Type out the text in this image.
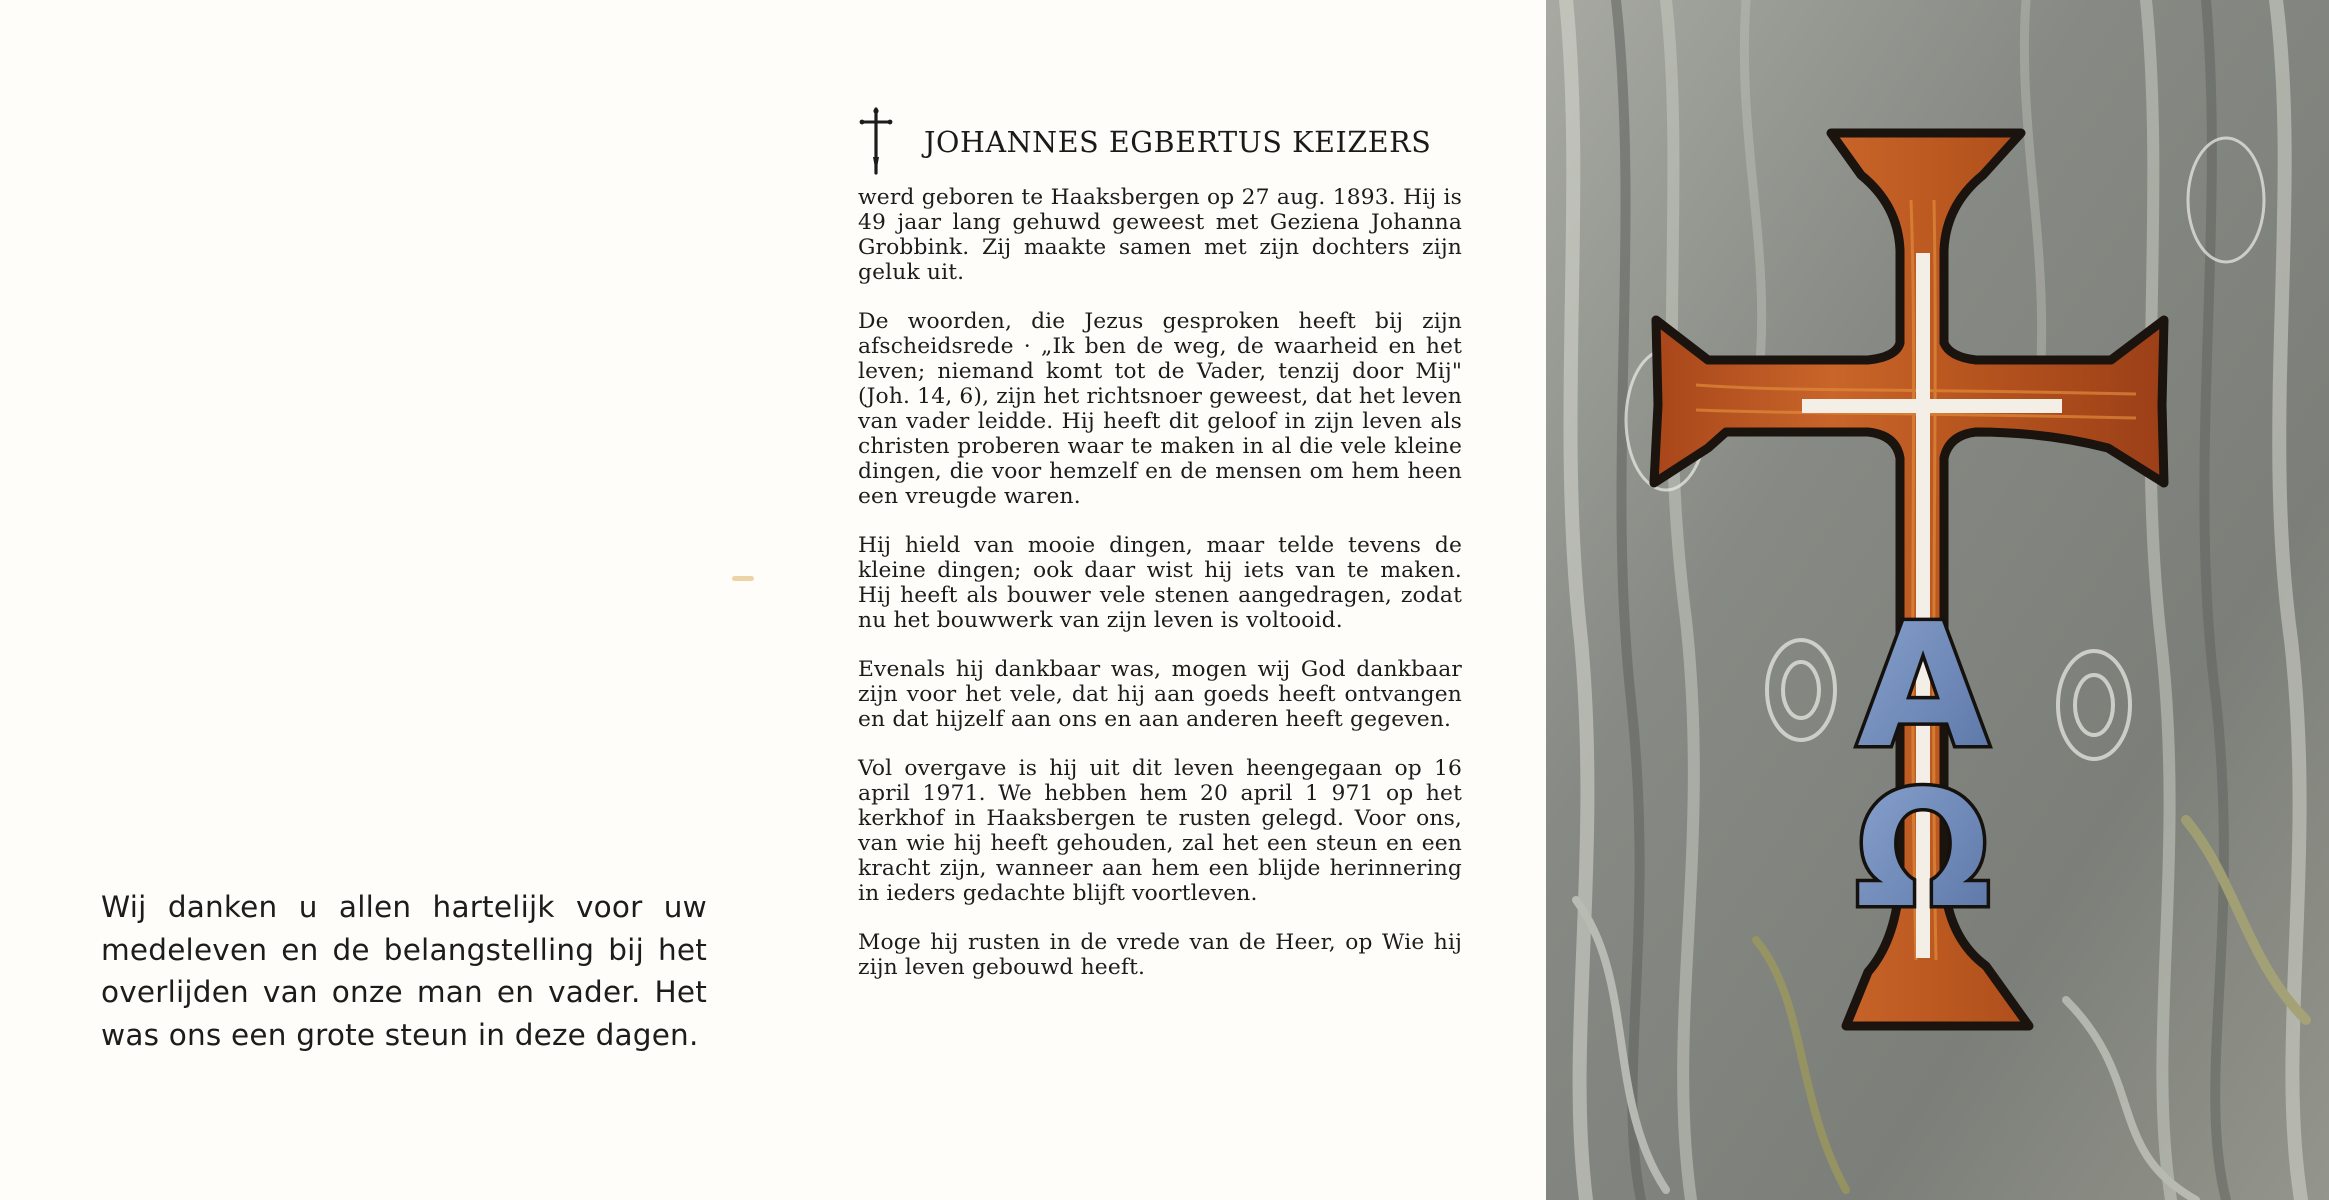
Wij danken u allen hartelijk voor uw medeleven en de belangstelling bij het overlijden van onze man en vader. Het was ons een grote steun in deze dagen.
JOHANNES EGBERTUS KEIZERS

werd geboren te Haaksbergen op 27 aug. 1893. Hij is 49 jaar lang gehuwd geweest met Geziena Johanna Grobbink. Zij maakte samen met zijn dochters zijn geluk uit.

De woorden, die Jezus gesproken heeft bij zijn afscheidsrede · „Ik ben de weg, de waarheid en het leven; niemand komt tot de Vader, tenzij door Mij" (Joh. 14, 6), zijn het richtsnoer geweest, dat het leven van vader leidde. Hij heeft dit geloof in zijn leven als christen proberen waar te maken in al die vele kleine dingen, die voor hemzelf en de mensen om hem heen een vreugde waren.

Hij hield van mooie dingen, maar telde tevens de kleine dingen; ook daar wist hij iets van te maken. Hij heeft als bouwer vele stenen aangedragen, zodat nu het bouwwerk van zijn leven is voltooid.

Evenals hij dankbaar was, mogen wij God dankbaar zijn voor het vele, dat hij aan goeds heeft ontvangen en dat hijzelf aan ons en aan anderen heeft gegeven.

Vol overgave is hij uit dit leven heengegaan op 16 april 1971. We hebben hem 20 april 1 971 op het kerkhof in Haaksbergen te rusten gelegd. Voor ons, van wie hij heeft gehouden, zal het een steun en een kracht zijn, wanneer aan hem een blijde herinnering in ieders gedachte blijft voortleven.

Moge hij rusten in de vrede van de Heer, op Wie hij zijn leven gebouwd heeft.

A
Ω
